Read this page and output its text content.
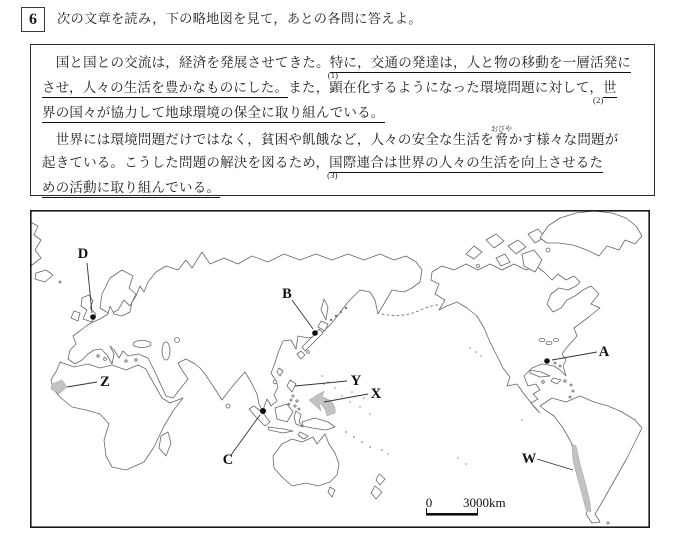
6	次の文章を読み，下の略地図を見て，あとの各問に答えよ。
　国と国との交流は，経済を発展させてきた。
(1)
特に，交通の発達は，人と物の移動を一層活発に
させ，人々の生活を豊かなものにした。また，顕在化するようになった環境問題に対して，
(2)
世
界の国々が協力して地球環境の保全に取り組んでいる。
　世界には環境問題だけではなく，貧困や飢餓など，人々の安全な生活を脅おびやかす様々な問題が
起きている。こうした問題の解決を図るため，
(3)
国際連合は世界の人々の生活を向上させるた
めの活動に取り組んでいる。
D
B
A
Z
C
Y
X
W
0 3000km
